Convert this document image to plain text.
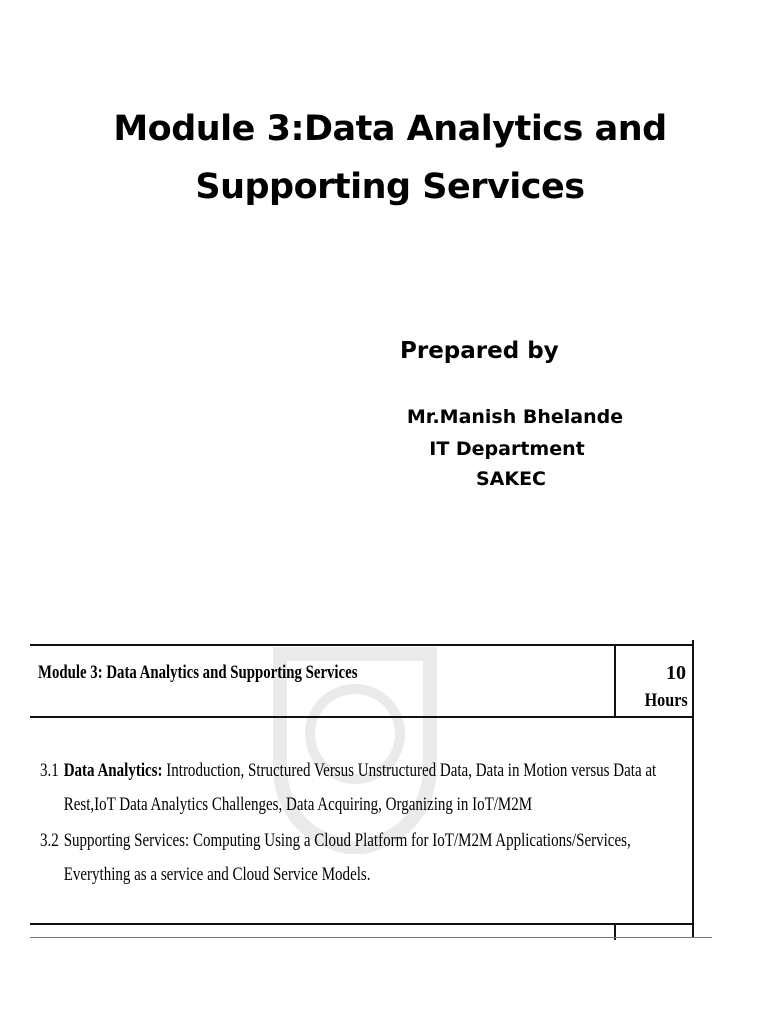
Module 3:Data Analytics and
Supporting Services
Prepared by
Mr.Manish Bhelande
IT Department
SAKEC
Module 3: Data Analytics and Supporting Services	10
Hours
3.1 Data Analytics: Introduction, Structured Versus Unstructured Data, Data in Motion versus Data at
Rest,IoT Data Analytics Challenges, Data Acquiring, Organizing in IoT/M2M
3.2 Supporting Services: Computing Using a Cloud Platform for IoT/M2M Applications/Services,
Everything as a service and Cloud Service Models.
